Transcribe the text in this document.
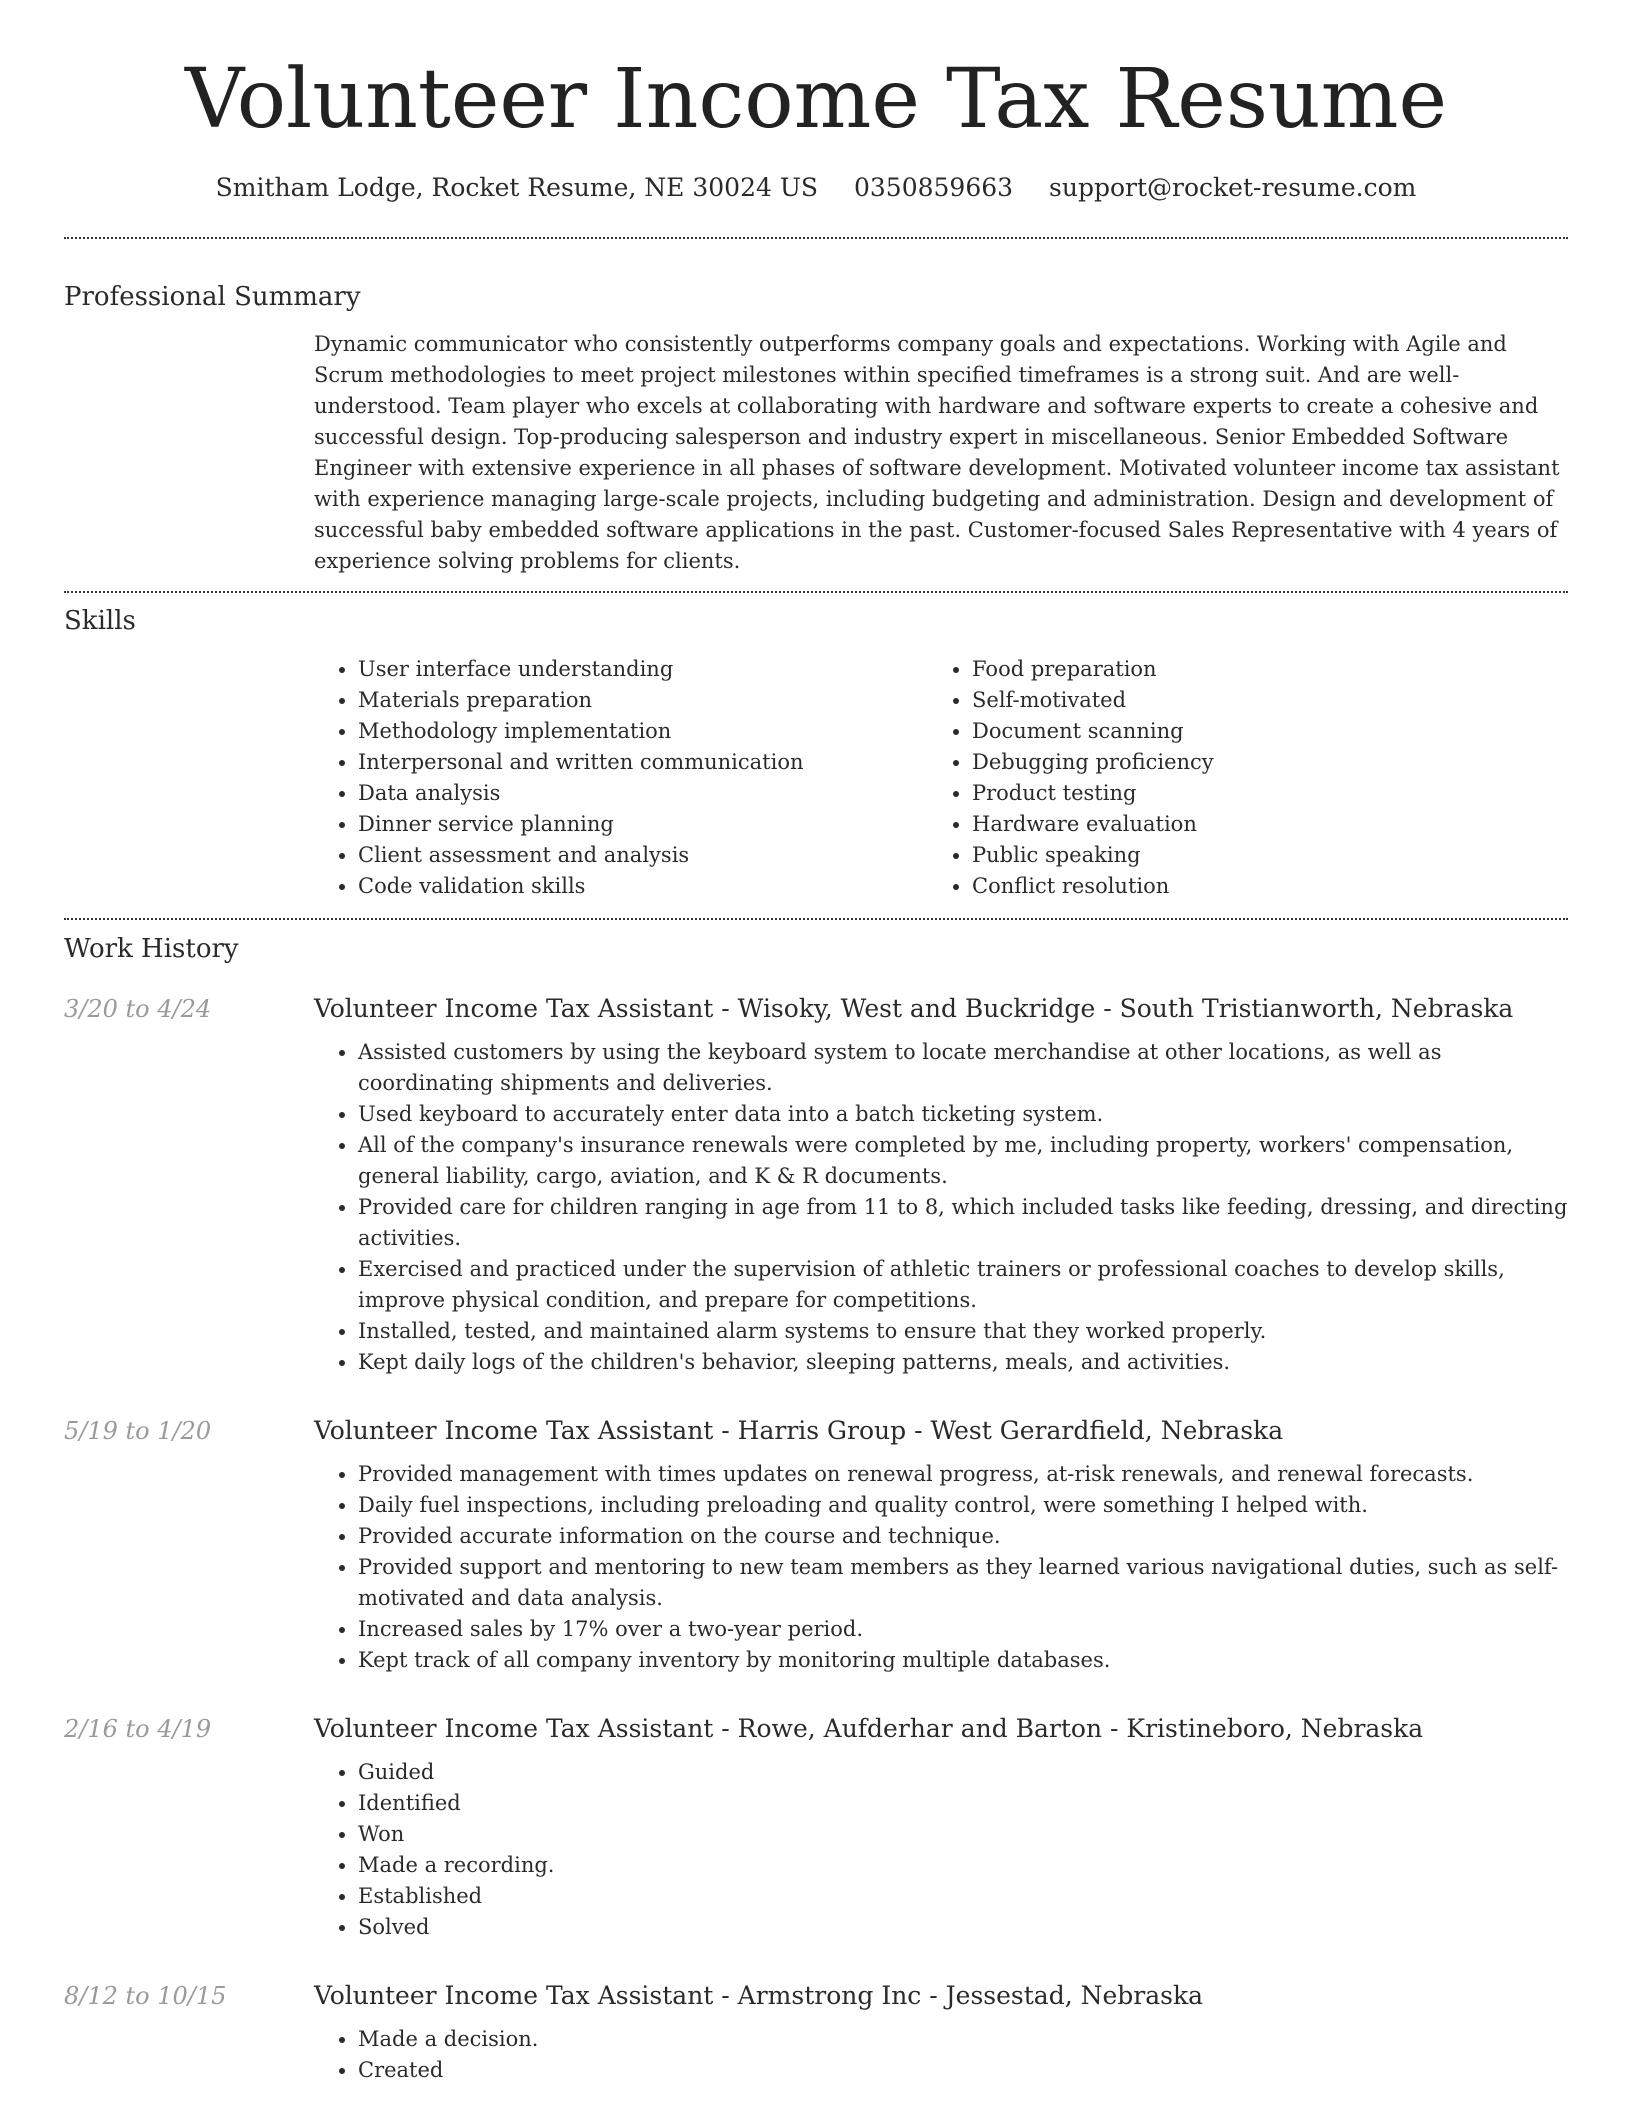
Volunteer Income Tax Resume
Smitham Lodge, Rocket Resume, NE 30024 US 0350859663 support@rocket-resume.com
Professional Summary
Dynamic communicator who consistently outperforms company goals and expectations. Working with Agile and Scrum methodologies to meet project milestones within specified timeframes is a strong suit. And are well-understood. Team player who excels at collaborating with hardware and software experts to create a cohesive and successful design. Top-producing salesperson and industry expert in miscellaneous. Senior Embedded Software Engineer with extensive experience in all phases of software development. Motivated volunteer income tax assistant with experience managing large-scale projects, including budgeting and administration. Design and development of successful baby embedded software applications in the past. Customer-focused Sales Representative with 4 years of experience solving problems for clients.
Skills
• User interface understanding
• Materials preparation
• Methodology implementation
• Interpersonal and written communication
• Data analysis
• Dinner service planning
• Client assessment and analysis
• Code validation skills
• Food preparation
• Self-motivated
• Document scanning
• Debugging proficiency
• Product testing
• Hardware evaluation
• Public speaking
• Conflict resolution
Work History
3/20 to 4/24	Volunteer Income Tax Assistant - Wisoky, West and Buckridge - South Tristianworth, Nebraska
• Assisted customers by using the keyboard system to locate merchandise at other locations, as well as coordinating shipments and deliveries.
• Used keyboard to accurately enter data into a batch ticketing system.
• All of the company's insurance renewals were completed by me, including property, workers' compensation, general liability, cargo, aviation, and K & R documents.
• Provided care for children ranging in age from 11 to 8, which included tasks like feeding, dressing, and directing activities.
• Exercised and practiced under the supervision of athletic trainers or professional coaches to develop skills, improve physical condition, and prepare for competitions.
• Installed, tested, and maintained alarm systems to ensure that they worked properly.
• Kept daily logs of the children's behavior, sleeping patterns, meals, and activities.
5/19 to 1/20	Volunteer Income Tax Assistant - Harris Group - West Gerardfield, Nebraska
• Provided management with times updates on renewal progress, at-risk renewals, and renewal forecasts.
• Daily fuel inspections, including preloading and quality control, were something I helped with.
• Provided accurate information on the course and technique.
• Provided support and mentoring to new team members as they learned various navigational duties, such as self-motivated and data analysis.
• Increased sales by 17% over a two-year period.
• Kept track of all company inventory by monitoring multiple databases.
2/16 to 4/19	Volunteer Income Tax Assistant - Rowe, Aufderhar and Barton - Kristineboro, Nebraska
• Guided
• Identified
• Won
• Made a recording.
• Established
• Solved
8/12 to 10/15	Volunteer Income Tax Assistant - Armstrong Inc - Jessestad, Nebraska
• Made a decision.
• Created
